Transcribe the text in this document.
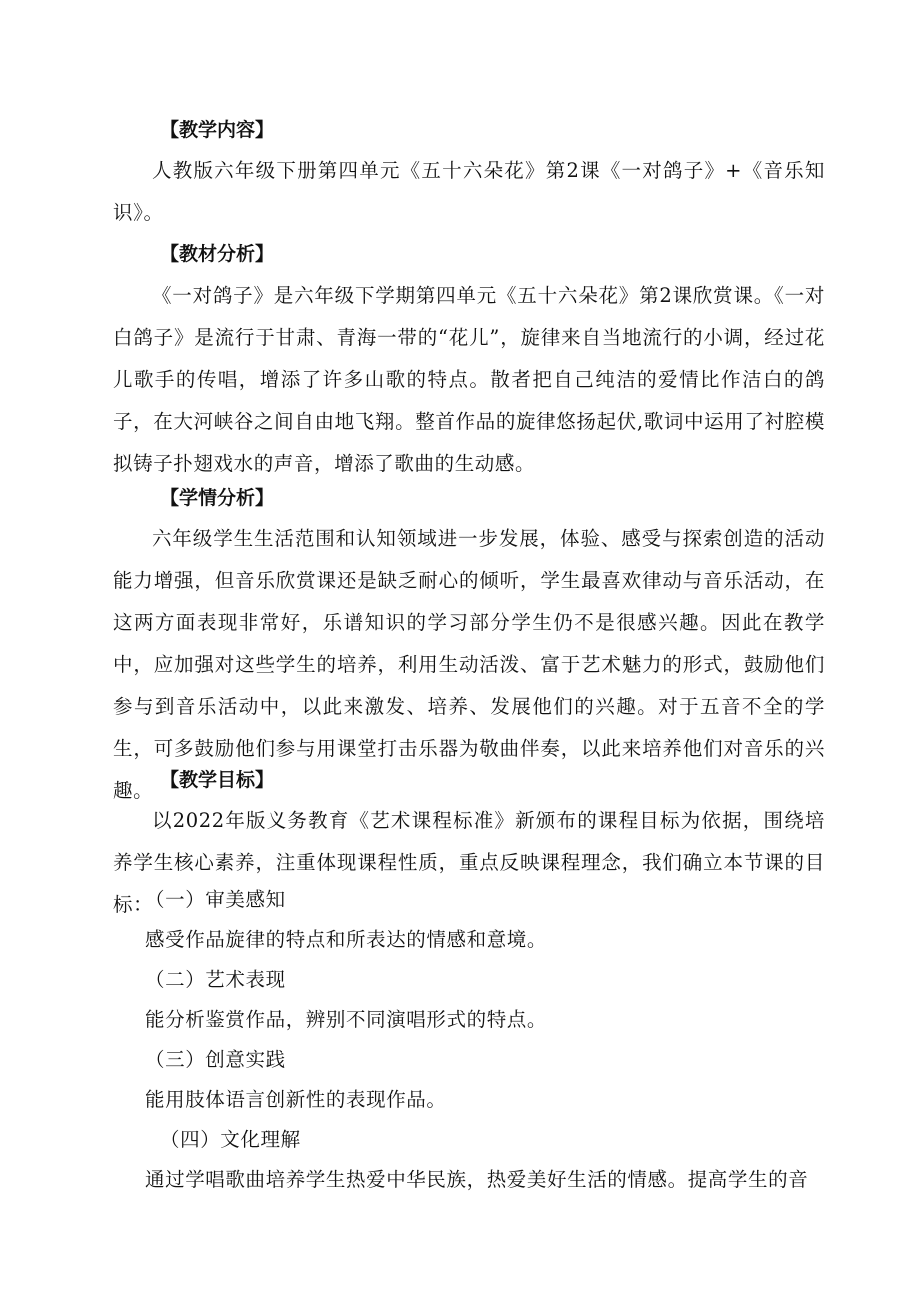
【教学内容】
人教版六年级下册第四单元《五十六朵花》第2课《一对鸽子》+《音乐知识》。
【教材分析】
《一对鸽子》是六年级下学期第四单元《五十六朵花》第2课欣赏课。《一对白鸽子》是流行于甘肃、青海一带的“花儿”，旋律来自当地流行的小调，经过花儿歌手的传唱，增添了许多山歌的特点。散者把自己纯洁的爱情比作洁白的鸽子，在大河峡谷之间自由地飞翔。整首作品的旋律悠扬起伏,歌词中运用了衬腔模拟铸子扑翅戏水的声音，增添了歌曲的生动感。
【学情分析】
六年级学生生活范围和认知领域进一步发展，体验、感受与探索创造的活动能力增强，但音乐欣赏课还是缺乏耐心的倾听，学生最喜欢律动与音乐活动，在这两方面表现非常好，乐谱知识的学习部分学生仍不是很感兴趣。因此在教学中，应加强对这些学生的培养，利用生动活泼、富于艺术魅力的形式，鼓励他们参与到音乐活动中，以此来激发、培养、发展他们的兴趣。对于五音不全的学生，可多鼓励他们参与用课堂打击乐器为敬曲伴奏，以此来培养他们对音乐的兴趣。 【教学目标】
以2022年版义务教育《艺术课程标准》新颁布的课程目标为依据，围绕培养学生核心素养，注重体现课程性质，重点反映课程理念，我们确立本节课的目标：
（一）审美感知
感受作品旋律的特点和所表达的情感和意境。
（二）艺术表现
能分析鉴赏作品，辨别不同演唱形式的特点。
（三）创意实践
能用肢体语言创新性的表现作品。
（四）文化理解
通过学唱歌曲培养学生热爱中华民族，热爱美好生活的情感。提高学生的音
